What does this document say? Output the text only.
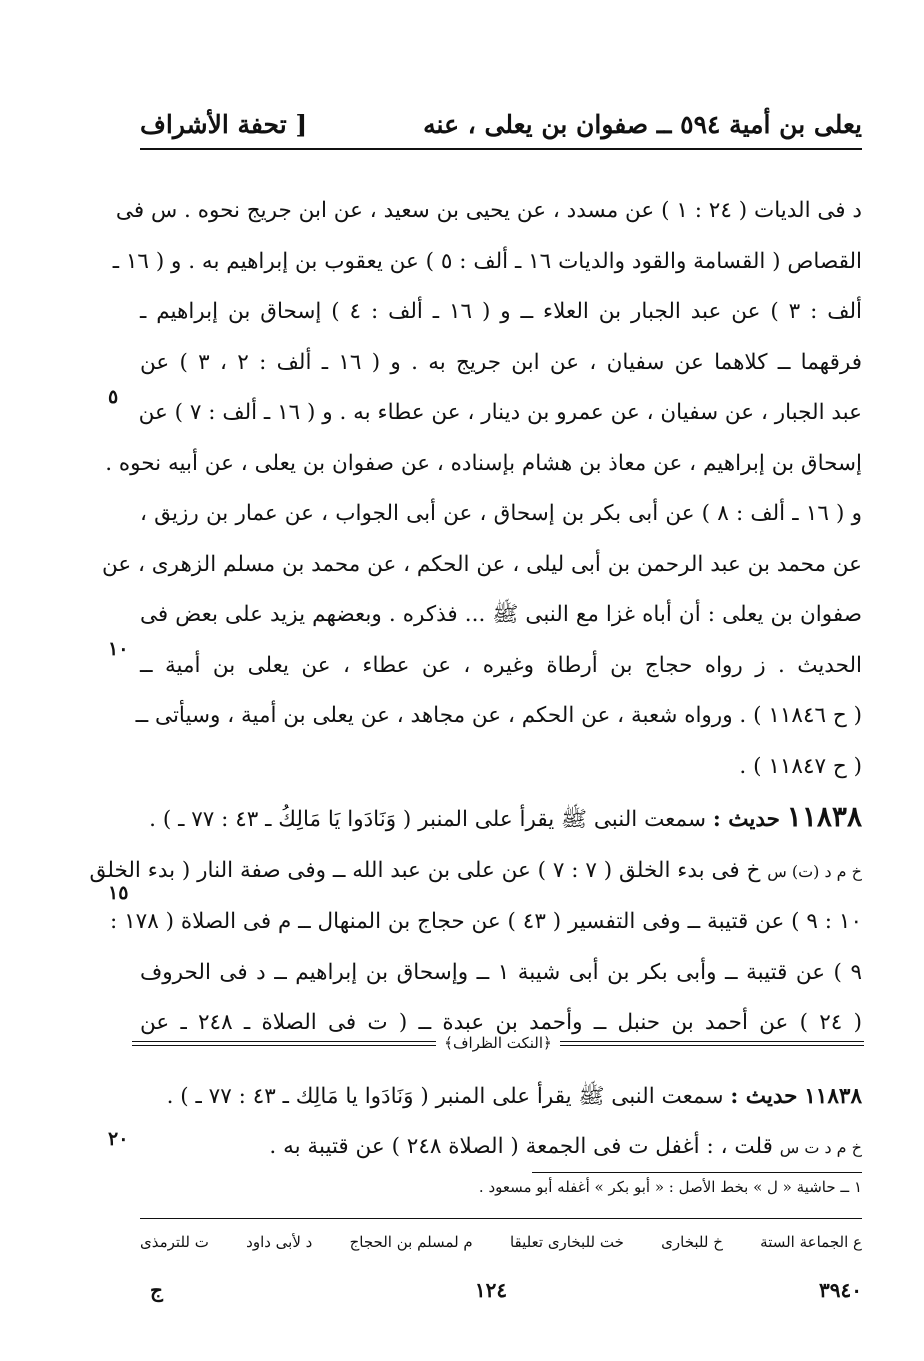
يعلى بن أمية ٥٩٤ ــ صفوان بن يعلى ، عنه
[ تحفة الأشراف
د فى الديات ( ٢٤ : ١ ) عن مسدد ، عن يحيى بن سعيد ، عن ابن جريج نحوه . س فى
القصاص ( القسامة والقود والديات ١٦ ـ ألف : ٥ ) عن يعقوب بن إبراهيم به . و ( ١٦ ـ
ألف : ٣ ) عن عبد الجبار بن العلاء ــ و ( ١٦ ـ ألف : ٤ ) إسحاق بن إبراهيم ـ
فرقهما ــ كلاهما عن سفيان ، عن ابن جريج به . و ( ١٦ ـ ألف : ٢ ، ٣ ) عن
عبد الجبار ، عن سفيان ، عن عمرو بن دينار ، عن عطاء به . و ( ١٦ ـ ألف : ٧ ) عن
إسحاق بن إبراهيم ، عن معاذ بن هشام بإسناده ، عن صفوان بن يعلى ، عن أبيه نحوه .
و ( ١٦ ـ ألف : ٨ ) عن أبى بكر بن إسحاق ، عن أبى الجواب ، عن عمار بن رزيق ،
عن محمد بن عبد الرحمن بن أبى ليلى ، عن الحكم ، عن محمد بن مسلم الزهرى ، عن
صفوان بن يعلى : أن أباه غزا مع النبى ﷺ ... فذكره . وبعضهم يزيد على بعض فى
الحديث . ز رواه حجاج بن أرطاة وغيره ، عن عطاء ، عن يعلى بن أمية ــ
( ح ١١٨٤٦ ) . ورواه شعبة ، عن الحكم ، عن مجاهد ، عن يعلى بن أمية ، وسيأتى ــ
( ح ١١٨٤٧ ) .
١١٨٣٨ حديث : سمعت النبى ﷺ يقرأ على المنبر ( وَنَادَوا يَا مَالِكُ ـ ٤٣ : ٧٧ ـ ) .
خ م د (ت) س خ فى بدء الخلق ( ٧ : ٧ ) عن على بن عبد الله ــ وفى صفة النار ( بدء الخلق
١٠ : ٩ ) عن قتيبة ــ وفى التفسير ( ٤٣ ) عن حجاج بن المنهال ــ م فى الصلاة ( ١٧٨ :
٩ ) عن قتيبة ــ وأبى بكر بن أبى شيبة ١ ــ وإسحاق بن إبراهيم ــ د فى الحروف
( ٢٤ ) عن أحمد بن حنبل ــ وأحمد بن عبدة ــ ( ت فى الصلاة ـ ٢٤٨ ـ عن
٥
١٠
١٥
٢٠
﴿النكت الظراف﴾
١١٨٣٨ حديث : سمعت النبى ﷺ يقرأ على المنبر ( وَنَادَوا يا مَالِك ـ ٤٣ : ٧٧ ـ ) .
خ م د ت س قلت ، : أغفل ت فى الجمعة ( الصلاة ٢٤٨ ) عن قتيبة به .
١ ــ حاشية « ل » بخط الأصل : « أبو بكر » أغفله أبو مسعود .
ع الجماعة الستة
خ للبخارى
خت للبخارى تعليقا
م لمسلم بن الحجاج
د لأبى داود
ت للترمذى
٣٩٤٠
١٢٤
ج
